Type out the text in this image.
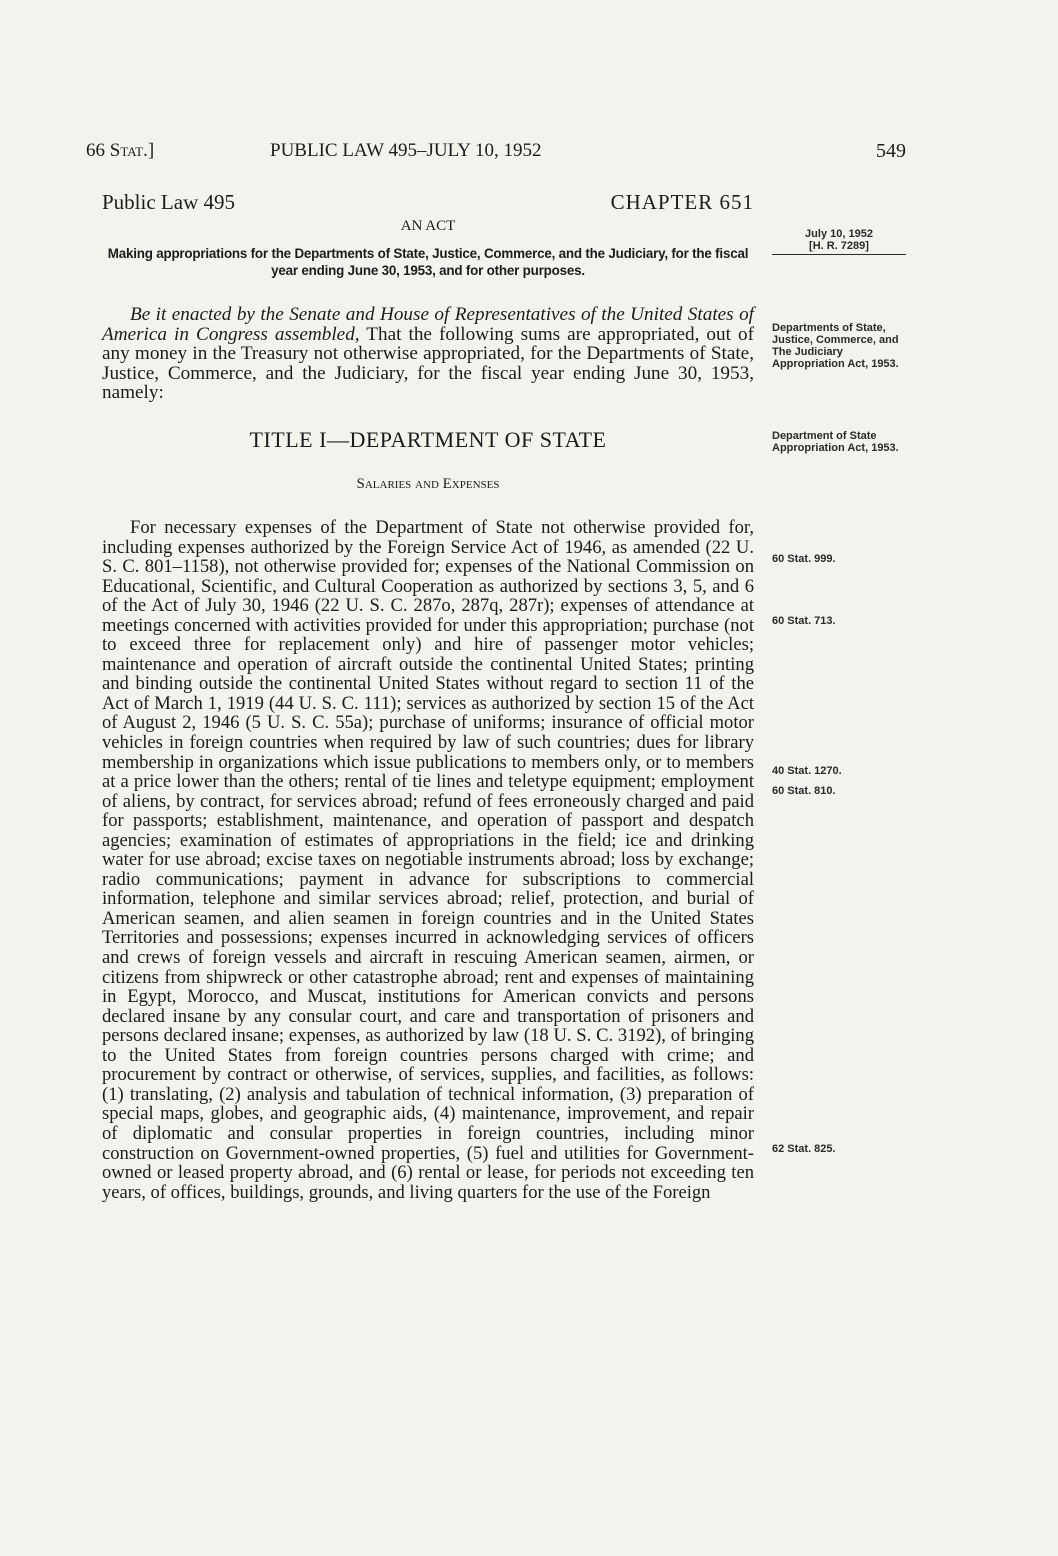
66 Stat.]	PUBLIC LAW 495–JULY 10, 1952	549
Public Law 495	CHAPTER 651
AN ACT
Making appropriations for the Departments of State, Justice, Commerce, and the Judiciary, for the fiscal year ending June 30, 1953, and for other purposes.
July 10, 1952
[H. R. 7289]
Be it enacted by the Senate and House of Representatives of the United States of America in Congress assembled, That the following sums are appropriated, out of any money in the Treasury not otherwise appropriated, for the Departments of State, Justice, Commerce, and the Judiciary, for the fiscal year ending June 30, 1953, namely:
Departments of State, Justice, Commerce, and The Judiciary Appropriation Act, 1953.
TITLE I—DEPARTMENT OF STATE	Department of State Appropriation Act, 1953.
Salaries and Expenses
For necessary expenses of the Department of State not otherwise provided for, including expenses authorized by the Foreign Service Act of 1946, as amended (22 U. S. C. 801–1158), not otherwise provided for; expenses of the National Commission on Educational, Scientific, and Cultural Cooperation as authorized by sections 3, 5, and 6 of the Act of July 30, 1946 (22 U. S. C. 287o, 287q, 287r); expenses of attendance at meetings concerned with activities provided for under this appropriation; purchase (not to exceed three for replacement only) and hire of passenger motor vehicles; maintenance and operation of aircraft outside the continental United States; printing and binding outside the continental United States without regard to section 11 of the Act of March 1, 1919 (44 U. S. C. 111); services as authorized by section 15 of the Act of August 2, 1946 (5 U. S. C. 55a); purchase of uniforms; insurance of official motor vehicles in foreign countries when required by law of such countries; dues for library membership in organizations which issue publications to members only, or to members at a price lower than the others; rental of tie lines and teletype equipment; employment of aliens, by contract, for services abroad; refund of fees erroneously charged and paid for passports; establishment, maintenance, and operation of passport and despatch agencies; examination of estimates of appropriations in the field; ice and drinking water for use abroad; excise taxes on negotiable instruments abroad; loss by exchange; radio communications; payment in advance for subscriptions to commercial information, telephone and similar services abroad; relief, protection, and burial of American seamen, and alien seamen in foreign countries and in the United States Territories and possessions; expenses incurred in acknowledging services of officers and crews of foreign vessels and aircraft in rescuing American seamen, airmen, or citizens from shipwreck or other catastrophe abroad; rent and expenses of maintaining in Egypt, Morocco, and Muscat, institutions for American convicts and persons declared insane by any consular court, and care and transportation of prisoners and persons declared insane; expenses, as authorized by law (18 U. S. C. 3192), of bringing to the United States from foreign countries persons charged with crime; and procurement by contract or otherwise, of services, supplies, and facilities, as follows: (1) translating, (2) analysis and tabulation of technical information, (3) preparation of special maps, globes, and geographic aids, (4) maintenance, improvement, and repair of diplomatic and consular properties in foreign countries, including minor construction on Government-owned properties, (5) fuel and utilities for Government-owned or leased property abroad, and (6) rental or lease, for periods not exceeding ten years, of offices, buildings, grounds, and living quarters for the use of the Foreign
60 Stat. 999.
60 Stat. 713.
40 Stat. 1270.
60 Stat. 810.
62 Stat. 825.
